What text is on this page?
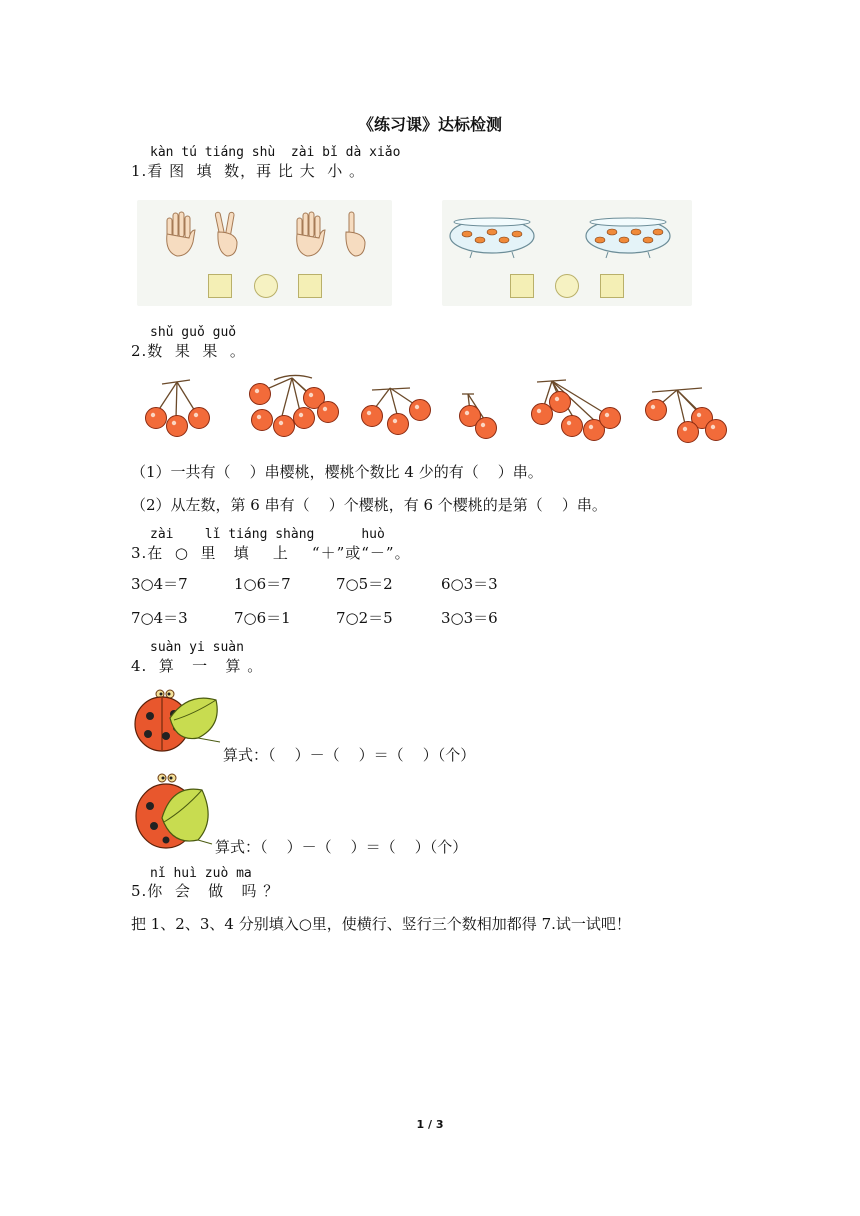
《练习课》达标检测
kàn tú tiáng shù  zài bǐ dà xiǎo
1.看 图  填  数，再 比 大  小 。
shǔ guǒ guǒ
2.数  果  果  。
（1）一共有（    ）串樱桃，樱桃个数比 4 少的有（    ）串。
（2）从左数，第 6 串有（    ）个樱桃，有 6 个樱桃的是第（    ）串。
zài    lǐ tiáng shàng      huò
3.在  ○  里   填    上    “＋”或“－”。
3○4＝7	1○6＝7	7○5＝2	6○3＝3
7○4＝3	7○6＝1	7○2＝5	3○3＝6
suàn yi suàn
4.  算   一   算 。
算式：（    ）－（    ）＝（    ）（个）
算式：（    ）－（    ）＝（    ）（个）
nǐ huì zuò ma
5.你  会   做   吗 ？
把 1、2、3、4 分别填入○里，使横行、竖行三个数相加都得 7.试一试吧！
1 / 3
